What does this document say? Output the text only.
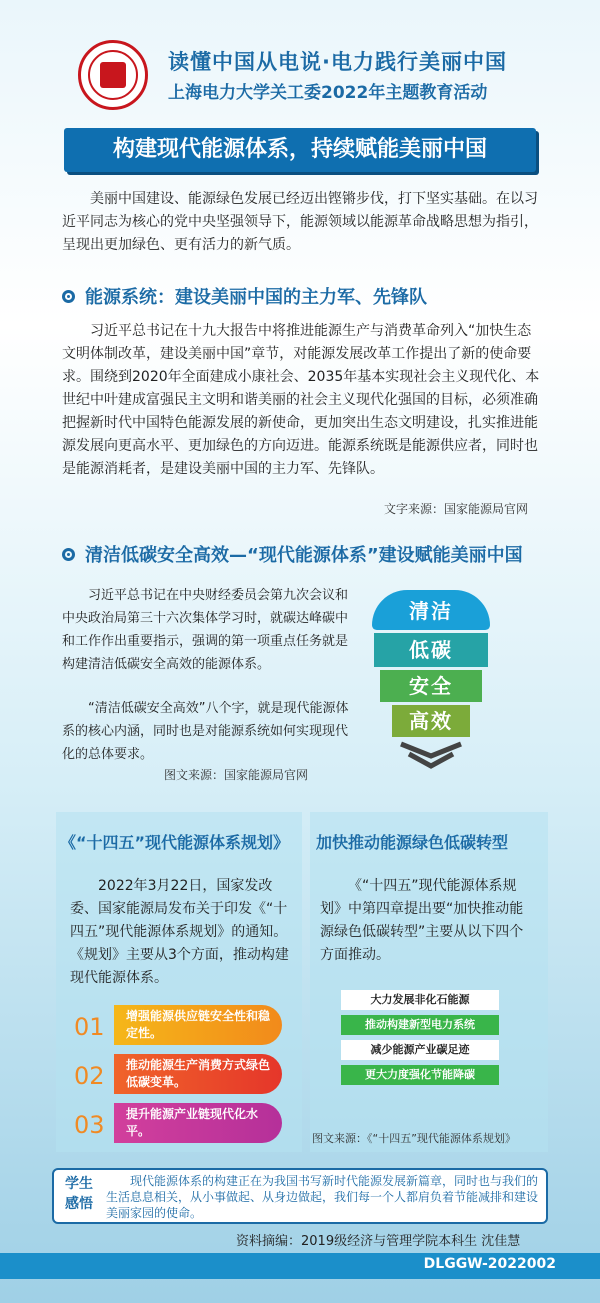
读懂中国从电说·电力践行美丽中国
上海电力大学关工委2022年主题教育活动
构建现代能源体系，持续赋能美丽中国
美丽中国建设、能源绿色发展已经迈出铿锵步伐，打下坚实基础。在以习近平同志为核心的党中央坚强领导下，能源领域以能源革命战略思想为指引，呈现出更加绿色、更有活力的新气质。
能源系统：建设美丽中国的主力军、先锋队
习近平总书记在十九大报告中将推进能源生产与消费革命列入“加快生态文明体制改革，建设美丽中国”章节，对能源发展改革工作提出了新的使命要求。围绕到2020年全面建成小康社会、2035年基本实现社会主义现代化、本世纪中叶建成富强民主文明和谐美丽的社会主义现代化强国的目标，必须准确把握新时代中国特色能源发展的新使命，更加突出生态文明建设，扎实推进能源发展向更高水平、更加绿色的方向迈进。能源系统既是能源供应者，同时也是能源消耗者，是建设美丽中国的主力军、先锋队。
文字来源：国家能源局官网
清洁低碳安全高效—“现代能源体系”建设赋能美丽中国
习近平总书记在中央财经委员会第九次会议和中央政治局第三十六次集体学习时，就碳达峰碳中和工作作出重要指示，强调的第一项重点任务就是构建清洁低碳安全高效的能源体系。
“清洁低碳安全高效”八个字，就是现代能源体系的核心内涵，同时也是对能源系统如何实现现代化的总体要求。
图文来源：国家能源局官网
清洁
低碳
安全
高效
《“十四五”现代能源体系规划》
2022年3月22日，国家发改委、国家能源局发布关于印发《“十四五”现代能源体系规划》的通知。《规划》主要从3个方面，推动构建现代能源体系。
01	增强能源供应链安全性和稳定性。
02	推动能源生产消费方式绿色低碳变革。
03	提升能源产业链现代化水平。
加快推动能源绿色低碳转型
《“十四五”现代能源体系规划》中第四章提出要“加快推动能源绿色低碳转型”主要从以下四个方面推动。
大力发展非化石能源
推动构建新型电力系统
减少能源产业碳足迹
更大力度强化节能降碳
图文来源：《“十四五”现代能源体系规划》
学生
感悟
现代能源体系的构建正在为我国书写新时代能源发展新篇章，同时也与我们的生活息息相关，从小事做起、从身边做起，我们每一个人都肩负着节能减排和建设美丽家园的使命。
资料摘编：2019级经济与管理学院本科生 沈佳慧
DLGGW-2022002
